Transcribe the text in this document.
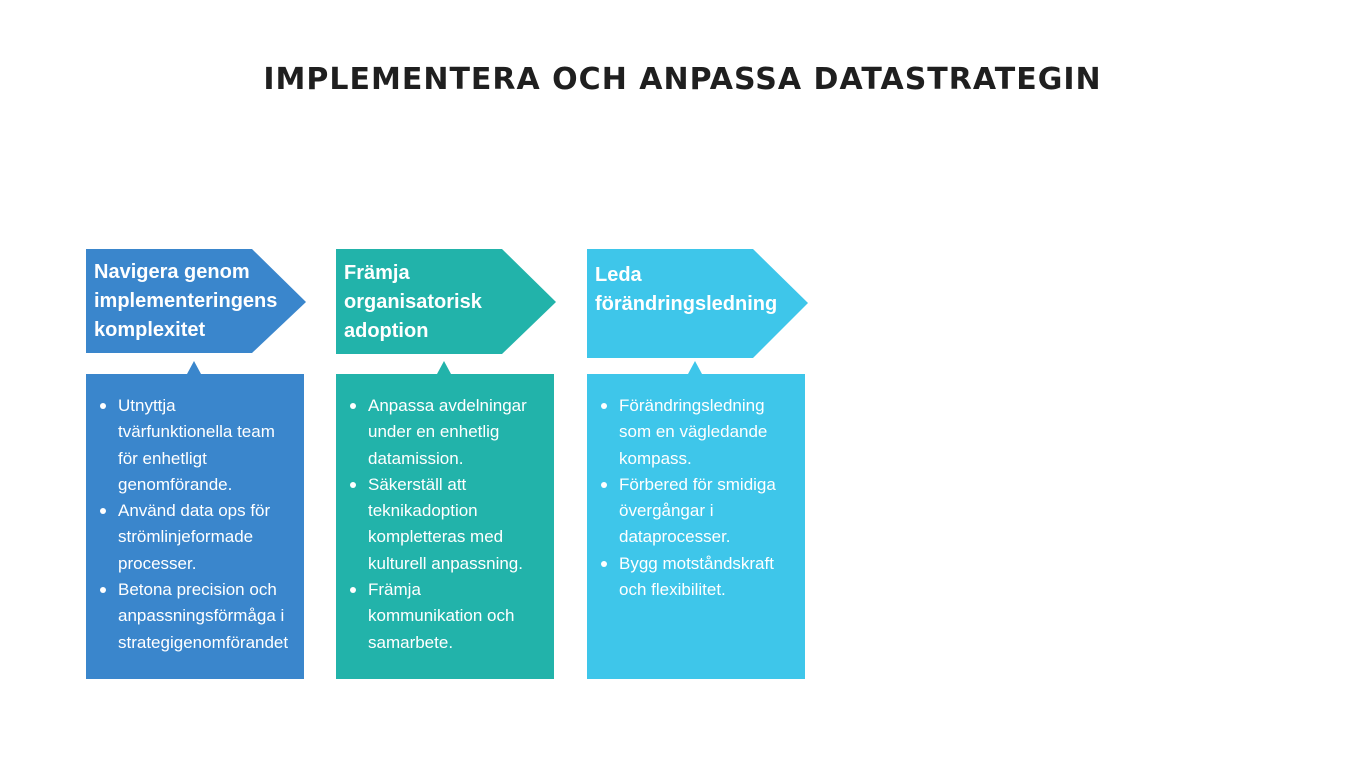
IMPLEMENTERA OCH ANPASSA DATASTRATEGIN
Navigera genom
implementeringens
komplexitet
Utnyttja
tvärfunktionella team
för enhetligt
genomförande.
Använd data ops för
strömlinjeformade
processer.
Betona precision och
anpassningsförmåga i
strategigenomförandet
Främja
organisatorisk
adoption
Anpassa avdelningar
under en enhetlig
datamission.
Säkerställ att
teknikadoption
kompletteras med
kulturell anpassning.
Främja
kommunikation och
samarbete.
Leda
förändringsledning
Förändringsledning
som en vägledande
kompass.
Förbered för smidiga
övergångar i
dataprocesser.
Bygg motståndskraft
och flexibilitet.
